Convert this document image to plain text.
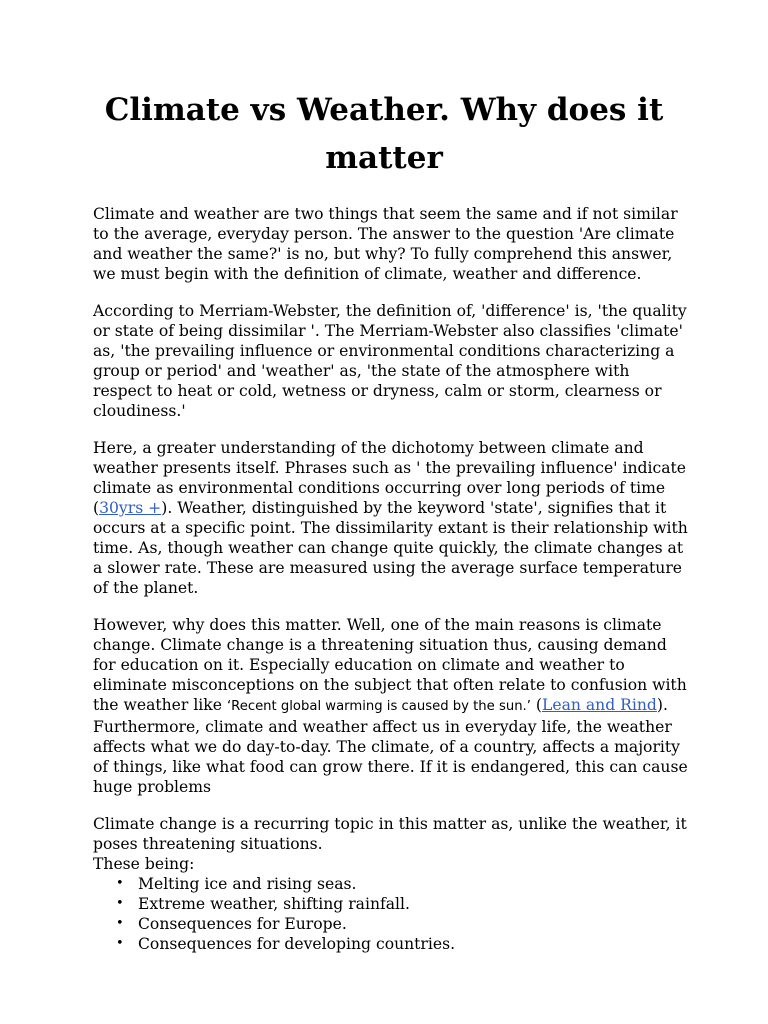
Climate vs Weather. Why does it matter

Climate and weather are two things that seem the same and if not similar to the average, everyday person. The answer to the question 'Are climate and weather the same?' is no, but why? To fully comprehend this answer, we must begin with the definition of climate, weather and difference.

According to Merriam-Webster, the definition of, 'difference' is, 'the quality or state of being dissimilar '. The Merriam-Webster also classifies 'climate' as, 'the prevailing influence or environmental conditions characterizing a group or period' and 'weather' as, 'the state of the atmosphere with respect to heat or cold, wetness or dryness, calm or storm, clearness or cloudiness.'

Here, a greater understanding of the dichotomy between climate and weather presents itself. Phrases such as ' the prevailing influence' indicate climate as environmental conditions occurring over long periods of time (30yrs +). Weather, distinguished by the keyword 'state', signifies that it occurs at a specific point. The dissimilarity extant is their relationship with time. As, though weather can change quite quickly, the climate changes at a slower rate. These are measured using the average surface temperature of the planet.

However, why does this matter. Well, one of the main reasons is climate change. Climate change is a threatening situation thus, causing demand for education on it. Especially education on climate and weather to eliminate misconceptions on the subject that often relate to confusion with the weather like ‘Recent global warming is caused by the sun.’ (Lean and Rind). Furthermore, climate and weather affect us in everyday life, the weather affects what we do day-to-day. The climate, of a country, affects a majority of things, like what food can grow there. If it is endangered, this can cause huge problems

Climate change is a recurring topic in this matter as, unlike the weather, it poses threatening situations.

These being:

• Melting ice and rising seas.
• Extreme weather, shifting rainfall.
• Consequences for Europe.
• Consequences for developing countries.
